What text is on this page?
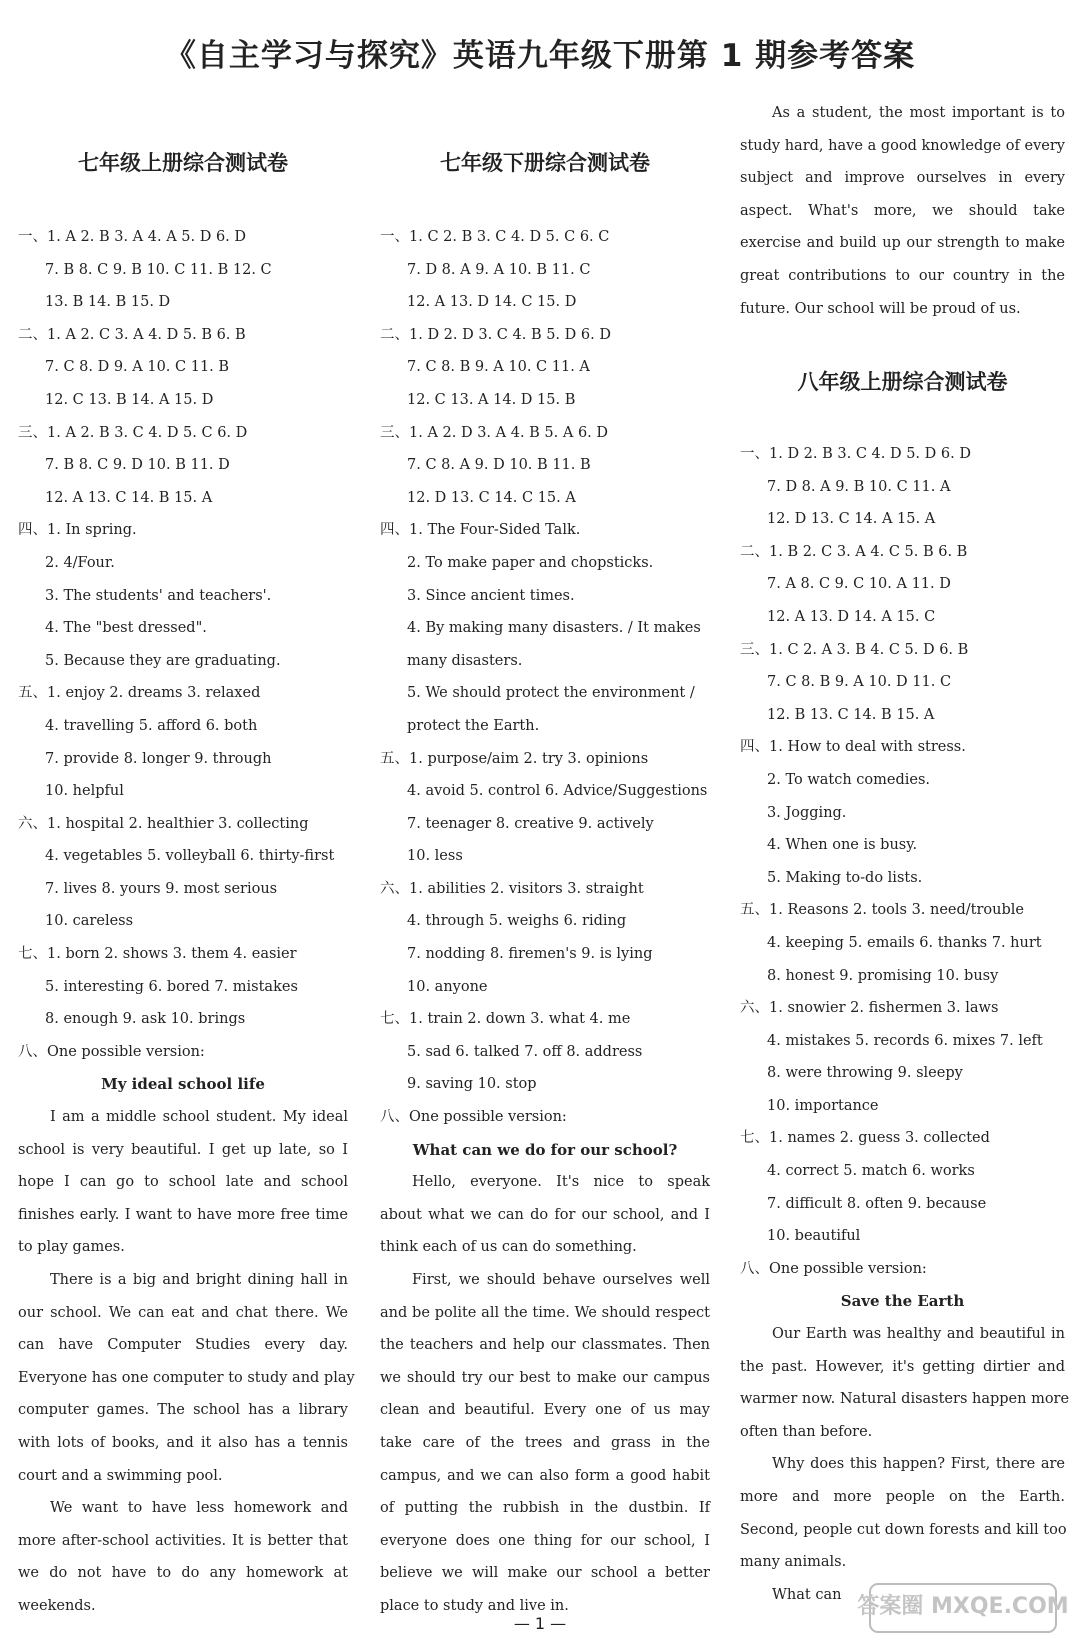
《自主学习与探究》英语九年级下册第 1 期参考答案
七年级上册综合测试卷
一、1. A 2. B 3. A 4. A 5. D 6. D
7. B 8. C 9. B 10. C 11. B 12. C
13. B 14. B 15. D
二、1. A 2. C 3. A 4. D 5. B 6. B
7. C 8. D 9. A 10. C 11. B
12. C 13. B 14. A 15. D
三、1. A 2. B 3. C 4. D 5. C 6. D
7. B 8. C 9. D 10. B 11. D
12. A 13. C 14. B 15. A
四、1. In spring.
2. 4/Four.
3. The students' and teachers'.
4. The "best dressed".
5. Because they are graduating.
五、1. enjoy 2. dreams 3. relaxed
4. travelling 5. afford 6. both
7. provide 8. longer 9. through
10. helpful
六、1. hospital 2. healthier 3. collecting
4. vegetables 5. volleyball 6. thirty-first
7. lives 8. yours 9. most serious
10. careless
七、1. born 2. shows 3. them 4. easier
5. interesting 6. bored 7. mistakes
8. enough 9. ask 10. brings
八、One possible version:
My ideal school life
I am a middle school student. My ideal
school is very beautiful. I get up late, so I
hope I can go to school late and school
finishes early. I want to have more free time
to play games.
There is a big and bright dining hall in
our school. We can eat and chat there. We
can have Computer Studies every day.
Everyone has one computer to study and play
computer games. The school has a library
with lots of books, and it also has a tennis
court and a swimming pool.
We want to have less homework and
more after-school activities. It is better that
we do not have to do any homework at
weekends.
七年级下册综合测试卷
一、1. C 2. B 3. C 4. D 5. C 6. C
7. D 8. A 9. A 10. B 11. C
12. A 13. D 14. C 15. D
二、1. D 2. D 3. C 4. B 5. D 6. D
7. C 8. B 9. A 10. C 11. A
12. C 13. A 14. D 15. B
三、1. A 2. D 3. A 4. B 5. A 6. D
7. C 8. A 9. D 10. B 11. B
12. D 13. C 14. C 15. A
四、1. The Four-Sided Talk.
2. To make paper and chopsticks.
3. Since ancient times.
4. By making many disasters. / It makes
many disasters.
5. We should protect the environment /
protect the Earth.
五、1. purpose/aim 2. try 3. opinions
4. avoid 5. control 6. Advice/Suggestions
7. teenager 8. creative 9. actively
10. less
六、1. abilities 2. visitors 3. straight
4. through 5. weighs 6. riding
7. nodding 8. firemen's 9. is lying
10. anyone
七、1. train 2. down 3. what 4. me
5. sad 6. talked 7. off 8. address
9. saving 10. stop
八、One possible version:
What can we do for our school?
Hello, everyone. It's nice to speak
about what we can do for our school, and I
think each of us can do something.
First, we should behave ourselves well
and be polite all the time. We should respect
the teachers and help our classmates. Then
we should try our best to make our campus
clean and beautiful. Every one of us may
take care of the trees and grass in the
campus, and we can also form a good habit
of putting the rubbish in the dustbin. If
everyone does one thing for our school, I
believe we will make our school a better
place to study and live in.
As a student, the most important is to
study hard, have a good knowledge of every
subject and improve ourselves in every
aspect. What's more, we should take
exercise and build up our strength to make
great contributions to our country in the
future. Our school will be proud of us.
八年级上册综合测试卷
一、1. D 2. B 3. C 4. D 5. D 6. D
7. D 8. A 9. B 10. C 11. A
12. D 13. C 14. A 15. A
二、1. B 2. C 3. A 4. C 5. B 6. B
7. A 8. C 9. C 10. A 11. D
12. A 13. D 14. A 15. C
三、1. C 2. A 3. B 4. C 5. D 6. B
7. C 8. B 9. A 10. D 11. C
12. B 13. C 14. B 15. A
四、1. How to deal with stress.
2. To watch comedies.
3. Jogging.
4. When one is busy.
5. Making to-do lists.
五、1. Reasons 2. tools 3. need/trouble
4. keeping 5. emails 6. thanks 7. hurt
8. honest 9. promising 10. busy
六、1. snowier 2. fishermen 3. laws
4. mistakes 5. records 6. mixes 7. left
8. were throwing 9. sleepy
10. importance
七、1. names 2. guess 3. collected
4. correct 5. match 6. works
7. difficult 8. often 9. because
10. beautiful
八、One possible version:
Save the Earth
Our Earth was healthy and beautiful in
the past. However, it's getting dirtier and
warmer now. Natural disasters happen more
often than before.
Why does this happen? First, there are
more and more people on the Earth.
Second, people cut down forests and kill too
many animals.
What can
— 1 —
答案圈 MXQE.COM
